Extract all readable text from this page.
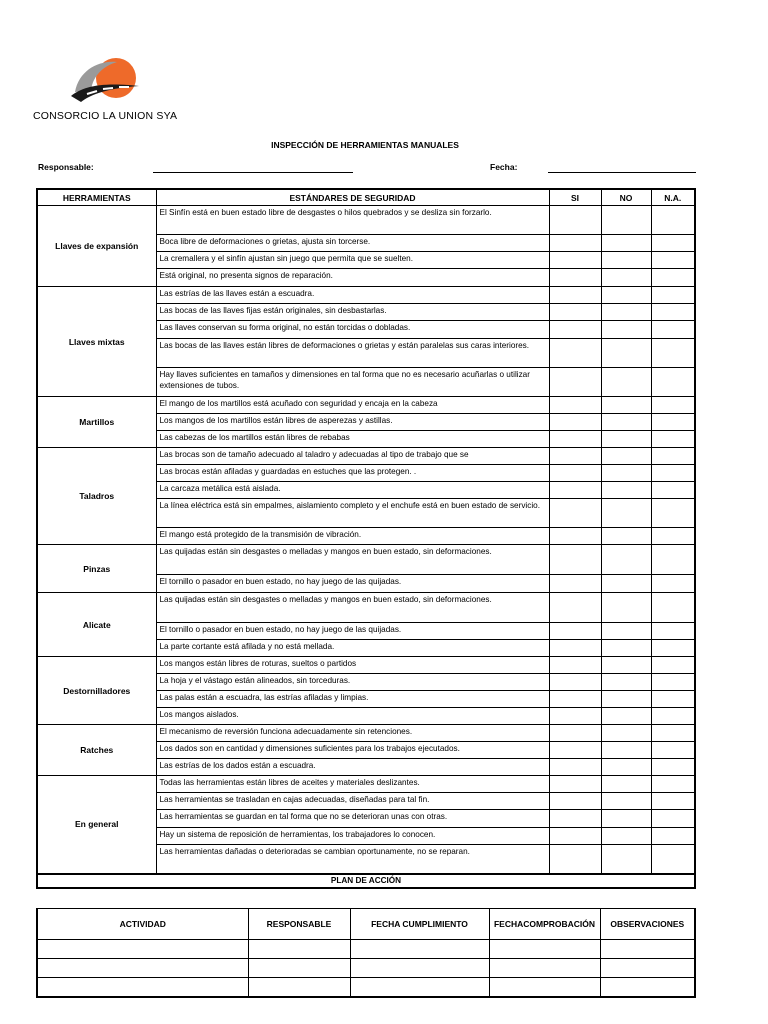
CONSORCIO LA UNION SYA
INSPECCIÓN DE HERRAMIENTAS MANUALES
Responsable:	Fecha:
HERRAMIENTAS	ESTÁNDARES DE SEGURIDAD	SI	NO	N.A.
Llaves de expansión	El Sinfín está en buen estado libre de desgastes o hilos quebrados y se desliza sin forzarlo.			
	Boca libre de deformaciones o grietas, ajusta sin torcerse.			
	La cremallera y el sinfín ajustan sin juego que permita que se suelten.			
	Está original, no presenta signos de reparación.			
Llaves mixtas	Las estrías de las llaves están a escuadra.			
	Las bocas de las llaves fijas están originales, sin desbastarlas.			
	Las llaves conservan su forma original, no están torcidas o dobladas.			
	Las bocas de las llaves están libres de deformaciones o grietas y están paralelas sus caras interiores.			
	Hay llaves suficientes en tamaños y dimensiones en tal forma que no es necesario acuñarlas o utilizar extensiones de tubos.			
Martillos	El mango de los martillos está acuñado con seguridad y encaja en la cabeza			
	Los mangos de los martillos están libres de asperezas y astillas.			
	Las cabezas de los martillos están libres de rebabas			
Taladros	Las brocas son de tamaño adecuado al taladro y adecuadas al tipo de trabajo que se			
	Las brocas están afiladas y guardadas en estuches que las protegen. .			
	La carcaza metálica está aislada.			
	La línea eléctrica está sin empalmes, aislamiento completo y el enchufe está en buen estado de servicio.			
	El mango está protegido de la transmisión de vibración.			
Pinzas	Las quijadas están sin desgastes o melladas y mangos en buen estado, sin deformaciones.			
	El tornillo o pasador en buen estado, no hay juego de las quijadas.			
Alicate	Las quijadas están sin desgastes o melladas y mangos en buen estado, sin deformaciones.			
	El tornillo o pasador en buen estado, no hay juego de las quijadas.			
	La parte cortante está afilada y no está mellada.			
Destornilladores	Los mangos están libres de roturas, sueltos o partidos			
	La hoja y el vástago están alineados, sin torceduras.			
	Las palas están a escuadra, las estrías afiladas y limpias.			
	Los mangos aislados.			
Ratches	El mecanismo de reversión funciona adecuadamente sin retenciones.			
	Los dados son en cantidad y dimensiones suficientes para los trabajos ejecutados.			
	Las estrías de los dados están a escuadra.			
En general	Todas las herramientas están libres de aceites y materiales deslizantes.			
	Las herramientas se trasladan en cajas adecuadas, diseñadas para tal fin.			
	Las herramientas se guardan en tal forma que no se deterioran unas con otras.			
	Hay un sistema de reposición de herramientas, los trabajadores lo conocen.			
	Las herramientas dañadas o deterioradas se cambian oportunamente, no se reparan.			
PLAN DE ACCIÓN				
ACTIVIDAD	RESPONSABLE	FECHA CUMPLIMIENTO	FECHACOMPROBACIÓN	OBSERVACIONES
